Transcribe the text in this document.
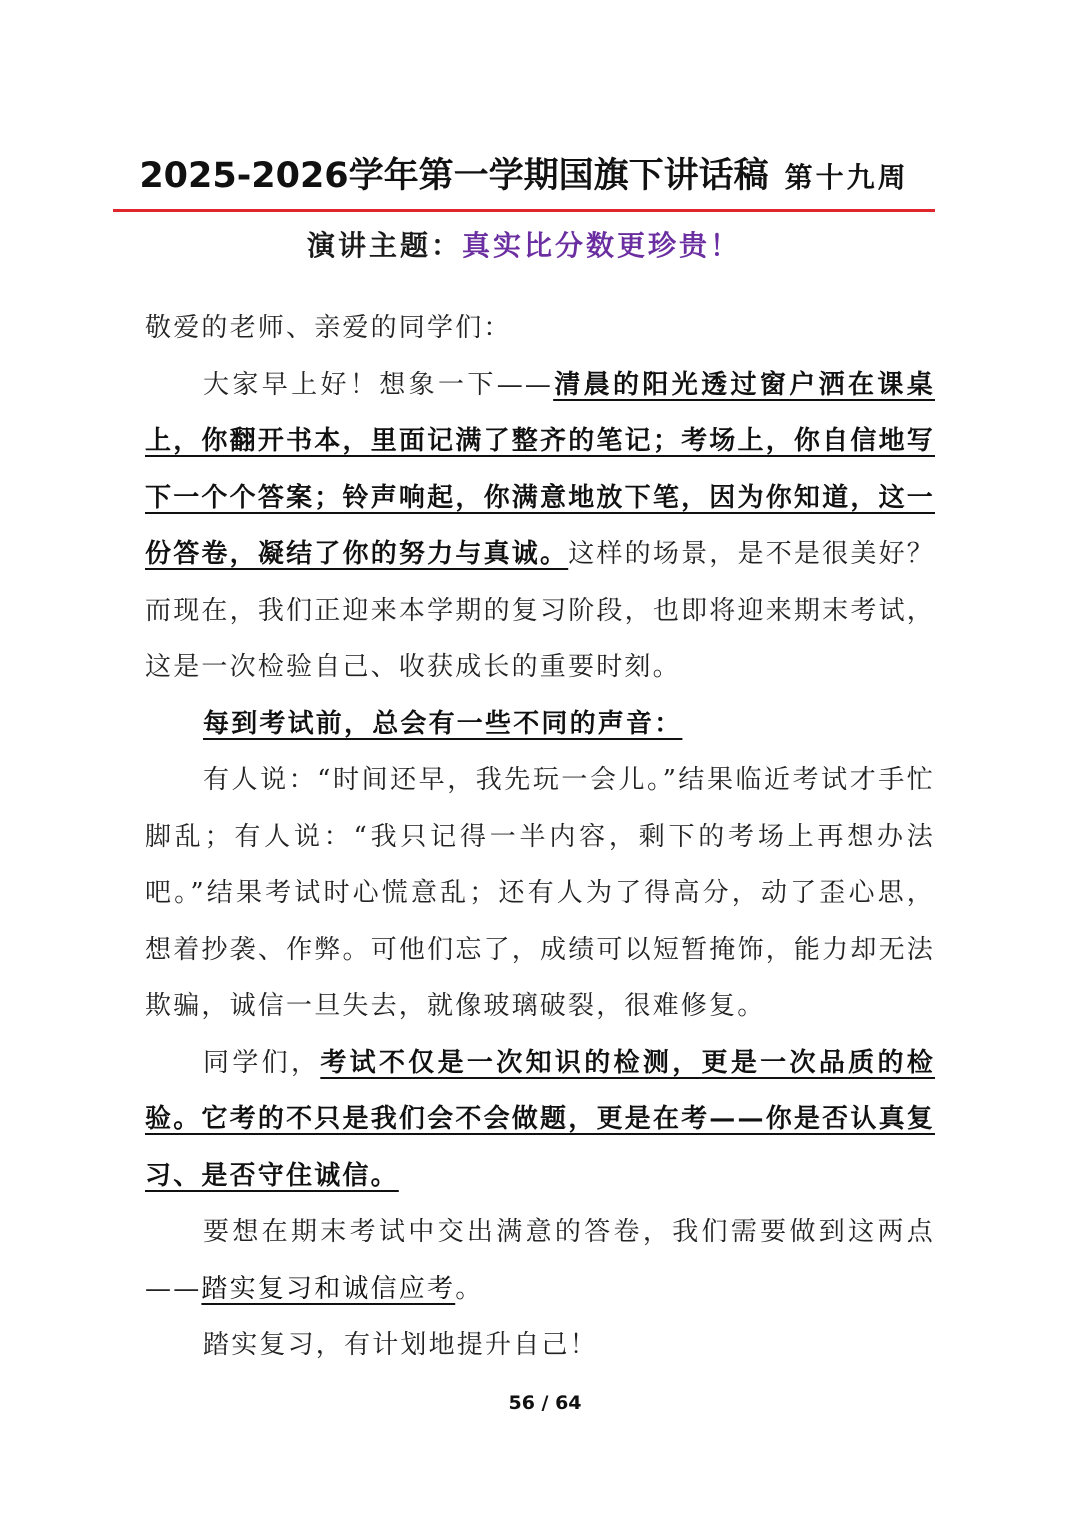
2025-2026学年第一学期国旗下讲话稿 第十九周
演讲主题：真实比分数更珍贵！

敬爱的老师、亲爱的同学们：

大家早上好！想象一下——清晨的阳光透过窗户洒在课桌上，你翻开书本，里面记满了整齐的笔记；考场上，你自信地写下一个个答案；铃声响起，你满意地放下笔，因为你知道，这一份答卷，凝结了你的努力与真诚。这样的场景，是不是很美好？而现在，我们正迎来本学期的复习阶段，也即将迎来期末考试，这是一次检验自己、收获成长的重要时刻。

每到考试前，总会有一些不同的声音：

有人说：“时间还早，我先玩一会儿。”结果临近考试才手忙脚乱；有人说：“我只记得一半内容，剩下的考场上再想办法吧。”结果考试时心慌意乱；还有人为了得高分，动了歪心思，想着抄袭、作弊。可他们忘了，成绩可以短暂掩饰，能力却无法欺骗，诚信一旦失去，就像玻璃破裂，很难修复。

同学们，考试不仅是一次知识的检测，更是一次品质的检验。它考的不只是我们会不会做题，更是在考——你是否认真复习、是否守住诚信。

要想在期末考试中交出满意的答卷，我们需要做到这两点——踏实复习和诚信应考。

踏实复习，有计划地提升自己！

56 / 64
